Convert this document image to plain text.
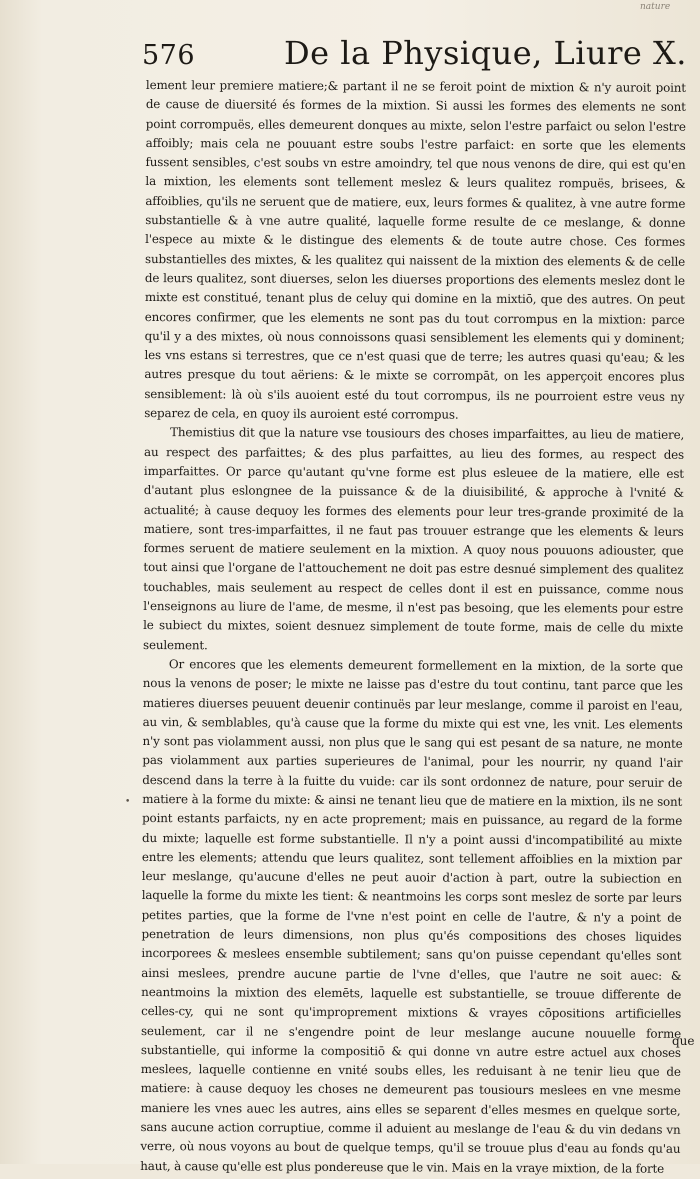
nature
576	De la Physique, Liure X.

lement leur premiere matiere;& partant il ne se feroit point de mixtion & n'y auroit point de cause de diuersité és formes de la mixtion. Si aussi les formes des elements ne sont point corrompuës, elles demeurent donques au mixte, selon l'estre parfaict ou selon l'estre affoibly; mais cela ne pouuant estre soubs l'estre parfaict: en sorte que les elements fussent sensibles, c'est soubs vn estre amoindry, tel que nous venons de dire, qui est qu'en la mixtion, les elements sont tellement meslez & leurs qualitez rompuës, brisees, & affoiblies, qu'ils ne seruent que de matiere, eux, leurs formes & qualitez, à vne autre forme substantielle & à vne autre qualité, laquelle forme resulte de ce meslange, & donne l'espece au mixte & le distingue des elements & de toute autre chose. Ces formes substantielles des mixtes, & les qualitez qui naissent de la mixtion des elements & de celle de leurs qualitez, sont diuerses, selon les diuerses proportions des elements meslez dont le mixte est constitué, tenant plus de celuy qui domine en la mixtiō, que des autres. On peut encores confirmer, que les elements ne sont pas du tout corrompus en la mixtion: parce qu'il y a des mixtes, où nous connoissons quasi sensiblement les elements qui y dominent; les vns estans si terrestres, que ce n'est quasi que de terre; les autres quasi qu'eau; & les autres presque du tout aëriens: & le mixte se corrompāt, on les apperçoit encores plus sensiblement: là où s'ils auoient esté du tout corrompus, ils ne pourroient estre veus ny separez de cela, en quoy ils auroient esté corrompus.

Themistius dit que la nature vse tousiours des choses imparfaittes, au lieu de matiere, au respect des parfaittes; & des plus parfaittes, au lieu des formes, au respect des imparfaittes. Or parce qu'autant qu'vne forme est plus esleuee de la matiere, elle est d'autant plus eslongnee de la puissance & de la diuisibilité, & approche à l'vnité & actualité; à cause dequoy les formes des elements pour leur tres-grande proximité de la matiere, sont tres-imparfaittes, il ne faut pas trouuer estrange que les elements & leurs formes seruent de matiere seulement en la mixtion. A quoy nous pouuons adiouster, que tout ainsi que l'organe de l'attouchement ne doit pas estre desnué simplement des qualitez touchables, mais seulement au respect de celles dont il est en puissance, comme nous l'enseignons au liure de l'ame, de mesme, il n'est pas besoing, que les elements pour estre le subiect du mixtes, soient desnuez simplement de toute forme, mais de celle du mixte seulement.

Or encores que les elements demeurent formellement en la mixtion, de la sorte que nous la venons de poser; le mixte ne laisse pas d'estre du tout continu, tant parce que les matieres diuerses peuuent deuenir continuës par leur meslange, comme il paroist en l'eau, au vin, & semblables, qu'à cause que la forme du mixte qui est vne, les vnit. Les elements n'y sont pas violamment aussi, non plus que le sang qui est pesant de sa nature, ne monte pas violamment aux parties superieures de l'animal, pour les nourrir, ny quand l'air descend dans la terre à la fuitte du vuide: car ils sont ordonnez de nature, pour seruir de matiere à la forme du mixte: & ainsi ne tenant lieu que de matiere en la mixtion, ils ne sont point estants parfaicts, ny en acte proprement; mais en puissance, au regard de la forme du mixte; laquelle est forme substantielle. Il n'y a point aussi d'incompatibilité au mixte entre les elements; attendu que leurs qualitez, sont tellement affoiblies en la mixtion par leur meslange, qu'aucune d'elles ne peut auoir d'action à part, outre la subiection en laquelle la forme du mixte les tient: & neantmoins les corps sont meslez de sorte par leurs petites parties, que la forme de l'vne n'est point en celle de l'autre, & n'y a point de penetration de leurs dimensions, non plus qu'és compositions des choses liquides incorporees & meslees ensemble subtilement; sans qu'on puisse cependant qu'elles sont ainsi meslees, prendre aucune partie de l'vne d'elles, que l'autre ne soit auec: & neantmoins la mixtion des elemēts, laquelle est substantielle, se trouue differente de celles-cy, qui ne sont qu'improprement mixtions & vrayes cōpositions artificielles seulement, car il ne s'engendre point de leur meslange aucune nouuelle forme substantielle, qui informe la compositiō & qui donne vn autre estre actuel aux choses meslees, laquelle contienne en vnité soubs elles, les reduisant à ne tenir lieu que de matiere: à cause dequoy les choses ne demeurent pas tousiours meslees en vne mesme maniere les vnes auec les autres, ains elles se separent d'elles mesmes en quelque sorte, sans aucune action corruptiue, comme il aduient au meslange de l'eau & du vin dedans vn verre, où nous voyons au bout de quelque temps, qu'il se trouue plus d'eau au fonds qu'au haut, à cause qu'elle est plus pondereuse que le vin. Mais en la vraye mixtion, de la forte

•
que
